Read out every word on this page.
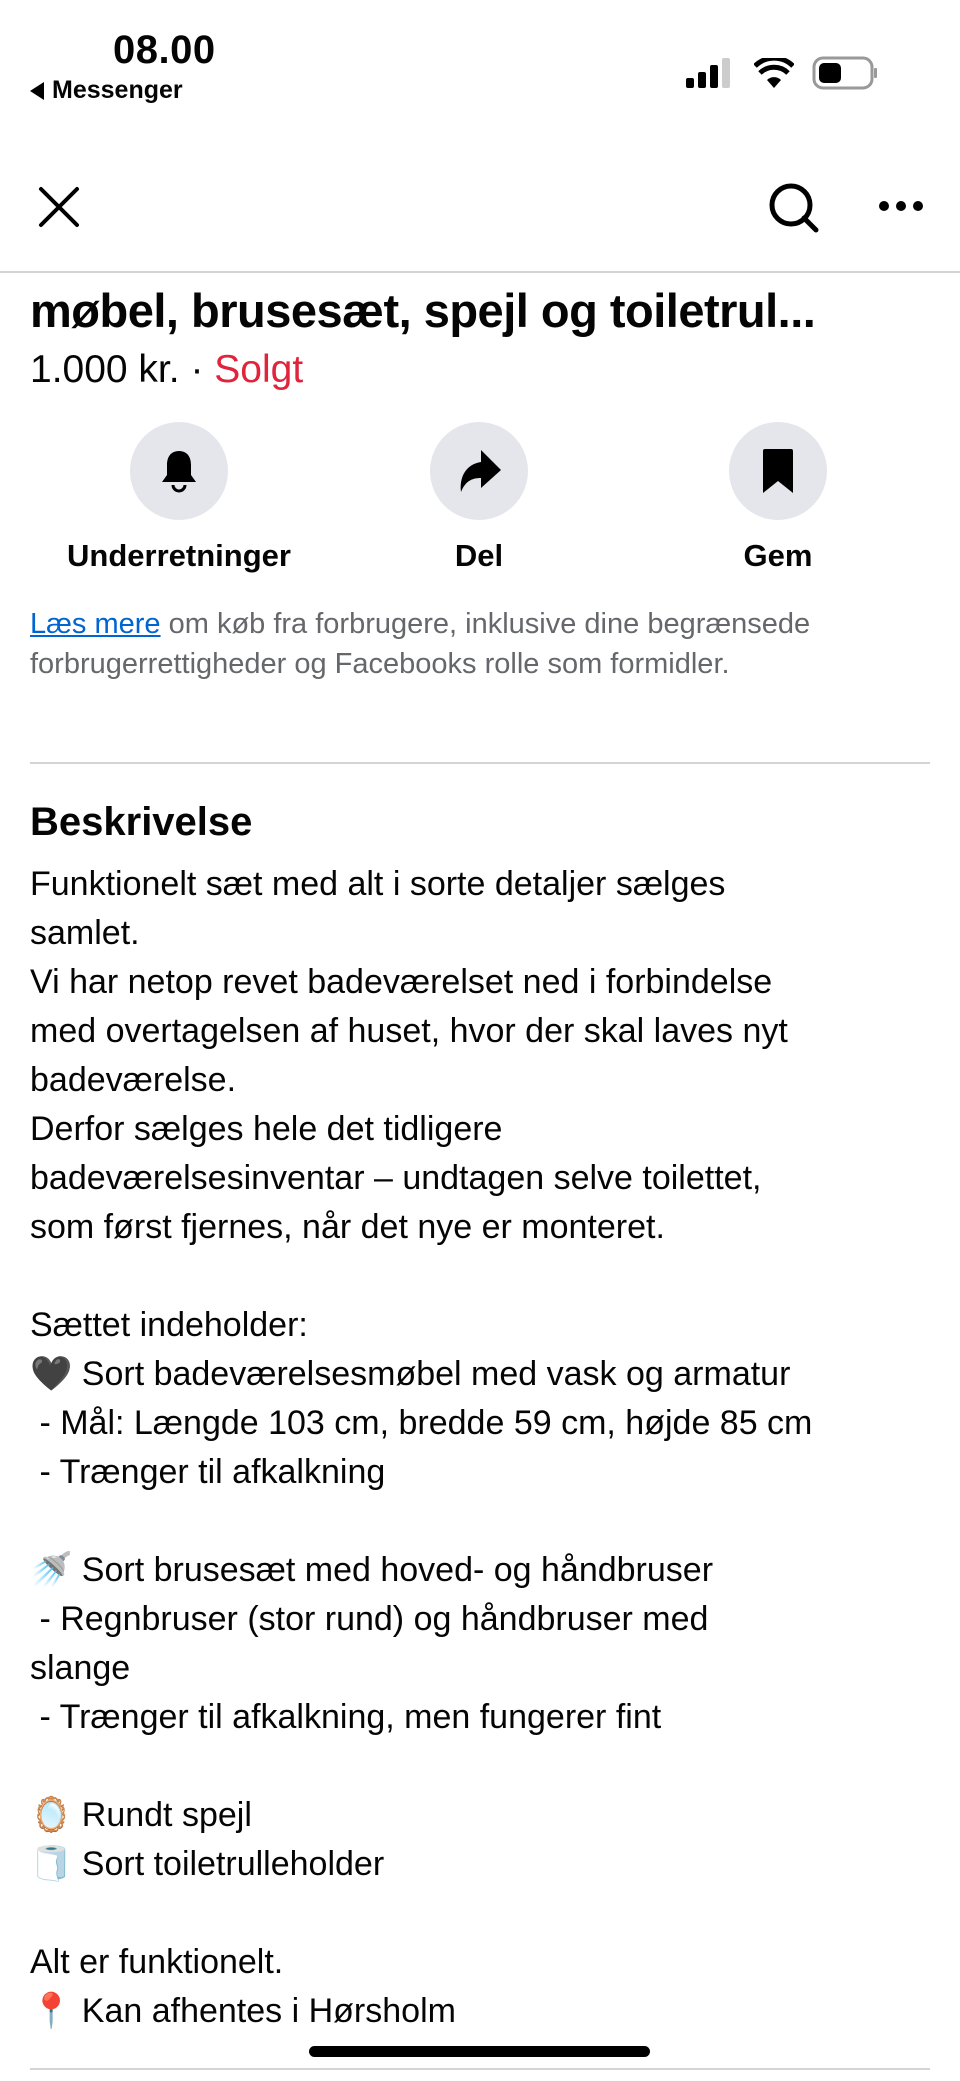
08.00
Messenger
møbel, brusesæt, spejl og toiletrul...
1.000 kr. · Solgt
Underretninger	Del	Gem
Læs mere om køb fra forbrugere, inklusive dine begrænsede forbrugerrettigheder og Facebooks rolle som formidler.
Beskrivelse
Funktionelt sæt med alt i sorte detaljer sælges
samlet.
Vi har netop revet badeværelset ned i forbindelse
med overtagelsen af huset, hvor der skal laves nyt
badeværelse.
Derfor sælges hele det tidligere
badeværelsesinventar – undtagen selve toilettet,
som først fjernes, når det nye er monteret.
Sættet indeholder:
🖤 Sort badeværelsesmøbel med vask og armatur
- Mål: Længde 103 cm, bredde 59 cm, højde 85 cm
- Trænger til afkalkning
🚿 Sort brusesæt med hoved- og håndbruser
- Regnbruser (stor rund) og håndbruser med
slange
- Trænger til afkalkning, men fungerer fint
🪞 Rundt spejl
🧻 Sort toiletrulleholder
Alt er funktionelt.
📍 Kan afhentes i Hørsholm
